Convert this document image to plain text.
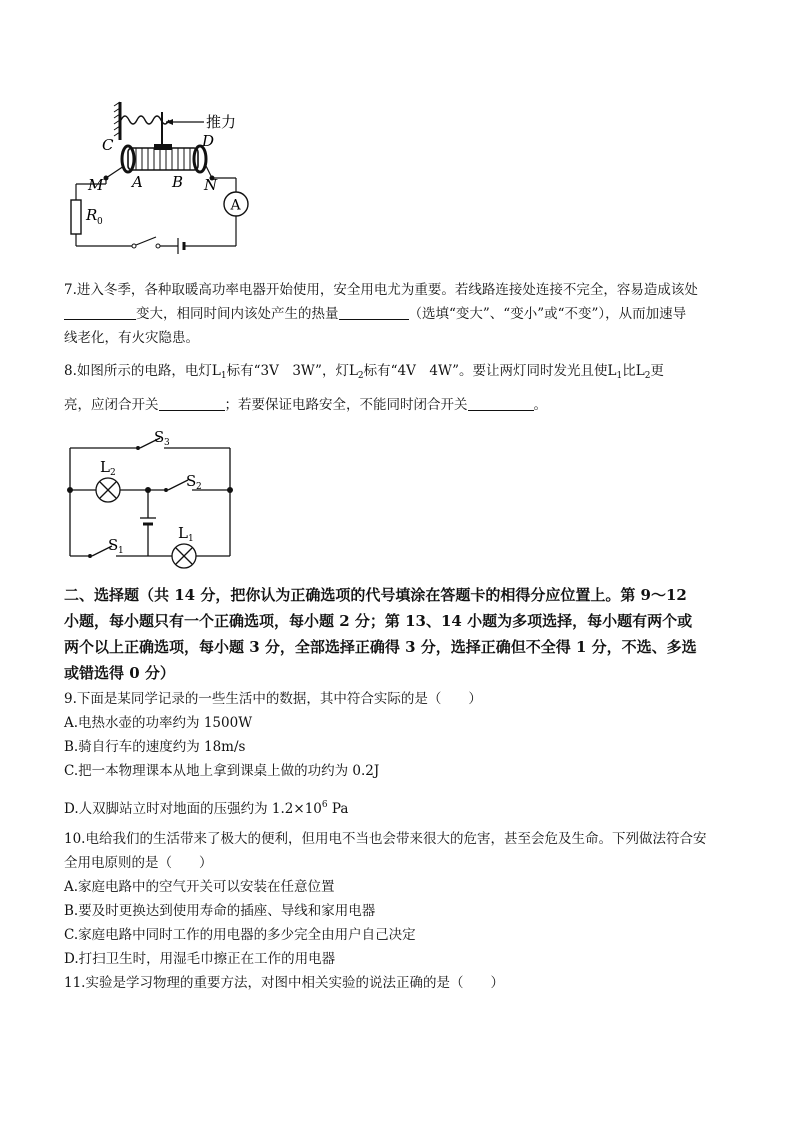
推力
C	D
A B
M
R 0
N
A
7.进入冬季，各种取暖高功率电器开始使用，安全用电尤为重要。若线路连接处连接不完全，容易造成该处
变大，相同时间内该处产生的热量	（选填“变大”、“变小”或“不变”），从而加速导
线老化，有火灾隐患。
8.如图所示的电路，电灯$L_1$标有“3V　3W”，灯$L_2$标有“4V　4W”。要让两灯同时发光且使$L_1$比$L_2$更
亮，应闭合开关	；若要保证电路安全，不能同时闭合开关	。
S 3
S 2
S 1
L 2
L 1
二、选择题（共 14 分，把你认为正确选项的代号填涂在答题卡的相得分应位置上。第 9～12
小题，每小题只有一个正确选项，每小题 2 分；第 13、14 小题为多项选择，每小题有两个或
两个以上正确选项，每小题 3 分，全部选择正确得 3 分，选择正确但不全得 1 分，不选、多选
或错选得 0 分）
9.下面是某同学记录的一些生活中的数据，其中符合实际的是（　　）
A.电热水壶的功率约为 1500W
B.骑自行车的速度约为 18m/s
C.把一本物理课本从地上拿到课桌上做的功约为 0.2J
D.人双脚站立时对地面的压强约为 $1.2\times 10^6$ Pa
10.电给我们的生活带来了极大的便利，但用电不当也会带来很大的危害，甚至会危及生命。下列做法符合安
全用电原则的是（　　）
A.家庭电路中的空气开关可以安装在任意位置
B.要及时更换达到使用寿命的插座、导线和家用电器
C.家庭电路中同时工作的用电器的多少完全由用户自己决定
D.打扫卫生时，用湿毛巾擦正在工作的用电器
11.实验是学习物理的重要方法，对图中相关实验的说法正确的是（　　）
